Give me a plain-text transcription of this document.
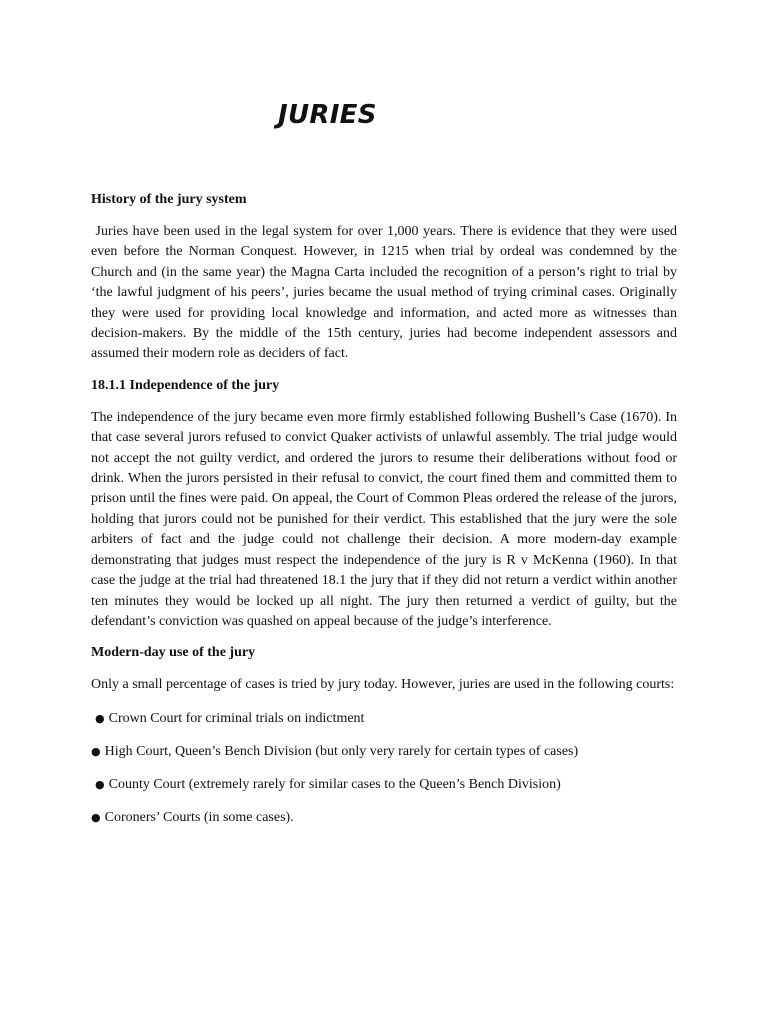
JURIES
History of the jury system

Juries have been used in the legal system for over 1,000 years. There is evidence that they were used even before the Norman Conquest. However, in 1215 when trial by ordeal was condemned by the Church and (in the same year) the Magna Carta included the recognition of a person’s right to trial by ‘the lawful judgment of his peers’, juries became the usual method of trying criminal cases. Originally they were used for providing local knowledge and information, and acted more as witnesses than decision-makers. By the middle of the 15th century, juries had become independent assessors and assumed their modern role as deciders of fact.

18.1.1 Independence of the jury

The independence of the jury became even more firmly established following Bushell’s Case (1670). In that case several jurors refused to convict Quaker activists of unlawful assembly. The trial judge would not accept the not guilty verdict, and ordered the jurors to resume their deliberations without food or drink. When the jurors persisted in their refusal to convict, the court fined them and committed them to prison until the fines were paid. On appeal, the Court of Common Pleas ordered the release of the jurors, holding that jurors could not be punished for their verdict. This established that the jury were the sole arbiters of fact and the judge could not challenge their decision. A more modern-day example demonstrating that judges must respect the independence of the jury is R v McKenna (1960). In that case the judge at the trial had threatened 18.1 the jury that if they did not return a verdict within another ten minutes they would be locked up all night. The jury then returned a verdict of guilty, but the defendant’s conviction was quashed on appeal because of the judge’s interference.

Modern-day use of the jury

Only a small percentage of cases is tried by jury today. However, juries are used in the following courts:

● Crown Court for criminal trials on indictment
● High Court, Queen’s Bench Division (but only very rarely for certain types of cases)
● County Court (extremely rarely for similar cases to the Queen’s Bench Division)
● Coroners’ Courts (in some cases).
